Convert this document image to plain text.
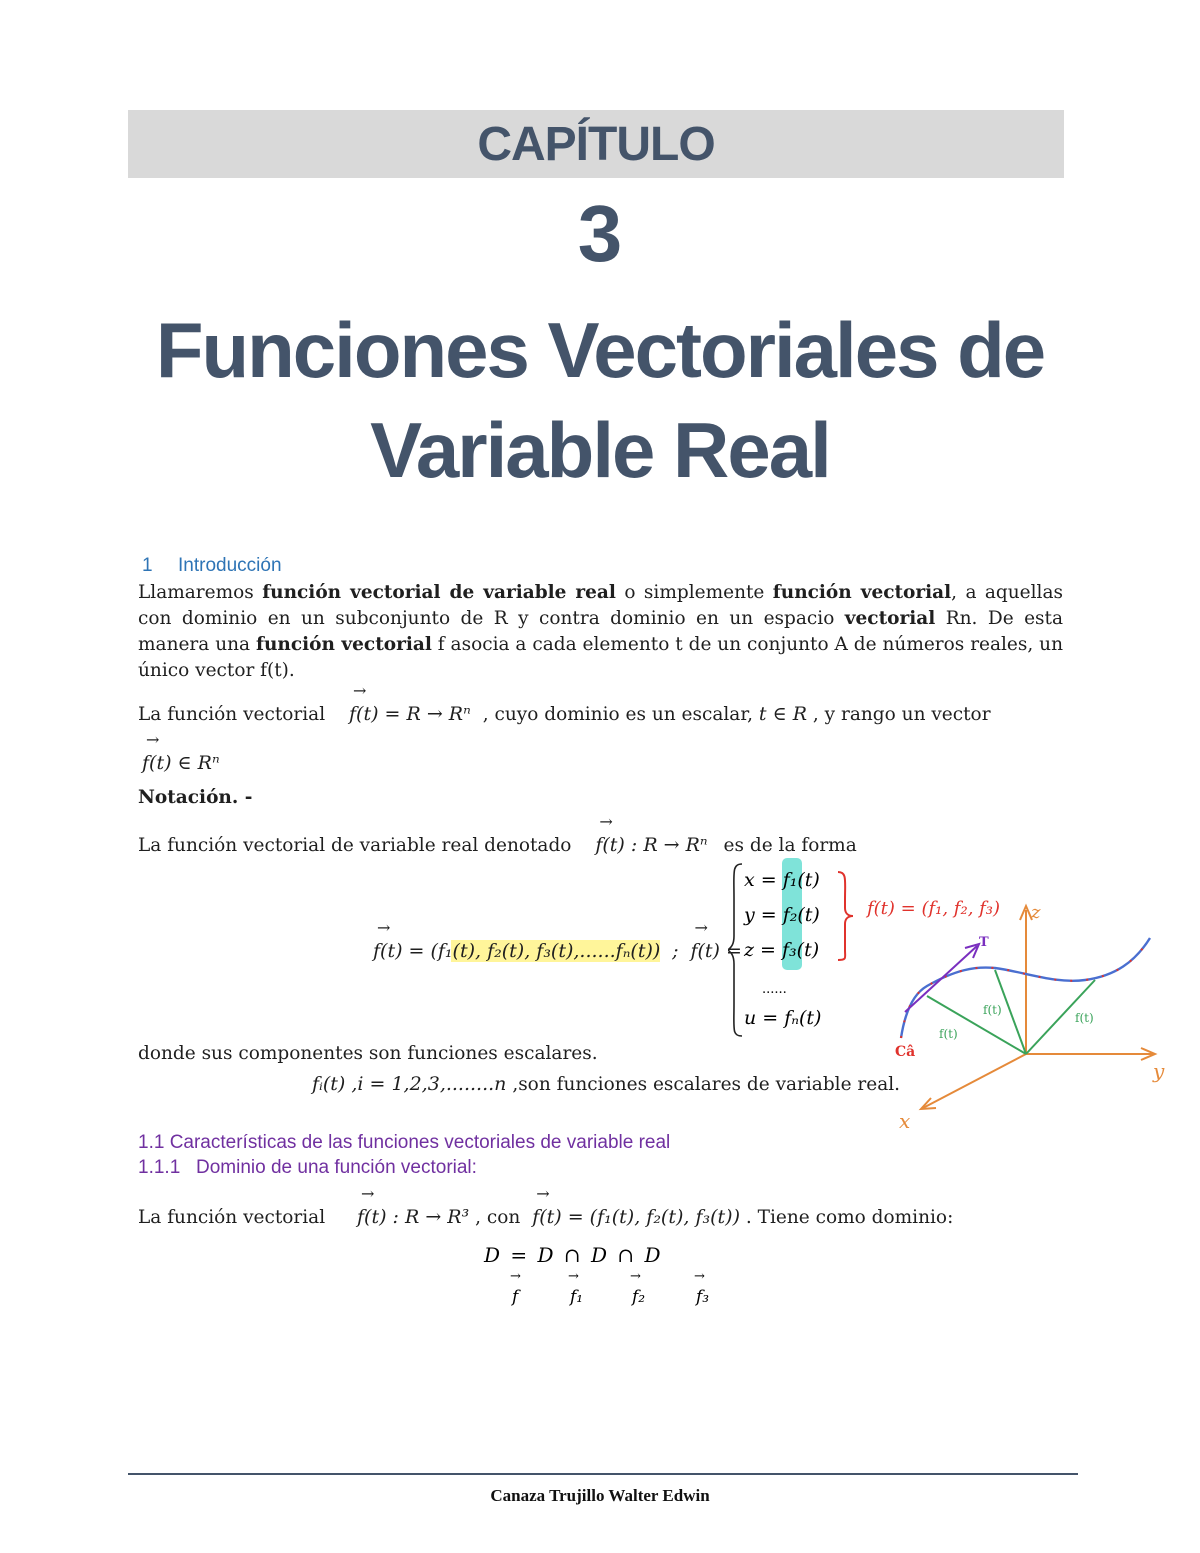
CAPÍTULO
3
Funciones Vectoriales de
Variable Real
1 Introducción
Llamaremos función vectorial de variable real o simplemente función vectorial, a aquellas con dominio en un subconjunto de R y contra dominio en un espacio vectorial Rn. De esta manera una función vectorial f asocia a cada elemento t de un conjunto A de números reales, un único vector f(t).
La función vectorial
→
f(t) = R → Rⁿ , cuyo dominio es un escalar, t ∈ R , y rango un vector
→
f(t) ∈ Rⁿ
Notación. -
La función vectorial de variable real denotado
→
f(t) : R → Rⁿ es de la forma
→
f(t) = (f₁(t), f₂(t), f₃(t),......fₙ(t)) ;
→
f(t) =
x = f₁(t)
y = f₂(t)
z = f₃(t)
......
u = fₙ(t)
f(t) = (f₁, f₂, f₃) z
y
x
T
f(t)
f(t)
f(t)
Câ
donde sus componentes son funciones escalares.
fᵢ(t) ,i = 1,2,3,........n ,son funciones escalares de variable real.
1.1 Características de las funciones vectoriales de variable real
1.1.1 Dominio de una función vectorial:
La función vectorial
→
f(t) : R → R³ , con
→
f(t) = (f₁(t), f₂(t), f₃(t)) . Tiene como dominio:
D = D ∩ D ∩ D
→
f
→
f₁
→
f₂
→
f₃
Canaza Trujillo Walter Edwin
